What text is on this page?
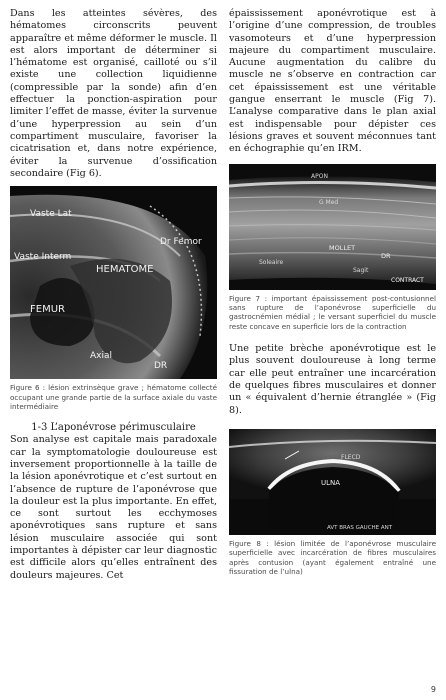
Dans les atteintes sévères, des hématomes circonscrits peuvent apparaître et même déformer le muscle. Il est alors important de déterminer si l’hématome est organisé, cailloté ou s’il existe une collection liquidienne (compressible par la sonde) afin d’en effectuer la ponction-aspiration pour limiter l’effet de masse, éviter la survenue d’une hyperpression au sein d’un compartiment musculaire, favoriser la cicatrisation et, dans notre expérience, éviter la survenue d’ossification secondaire (Fig 6).

Vaste Lat
Vaste Interm
HEMATOME
Dr Femor
FEMUR
Axial
DR

Figure 6 : lésion extrinsèque grave ; hématome collecté occupant une grande partie de la surface axiale du vaste intermédiaire

1-3 L’aponévrose périmusculaire

Son analyse est capitale mais paradoxale car la symptomatologie douloureuse est inversement proportionnelle à la taille de la lésion aponévrotique et c’est surtout en l’absence de rupture de l’aponévrose que la douleur est la plus importante. En effet, ce sont surtout les ecchymoses aponévrotiques sans rupture et sans lésion musculaire associée qui sont importantes à dépister car leur diagnostic est difficile alors qu’elles entraînent des douleurs majeures. Cet

épaississement aponévrotique est à l’origine d’une compression, de troubles vasomoteurs et d’une hyperpression majeure du compartiment musculaire. Aucune augmentation du calibre du muscle ne s’observe en contraction car cet épaississement est une véritable gangue enserrant le muscle (Fig 7). L’analyse comparative dans le plan axial est indispensable pour dépister ces lésions graves et souvent méconnues tant en échographie qu’en IRM.

APON
G Med
MOLLET
DR
Soleaire
Sagit
CONTRACT

Figure 7 : important épaississement post-contusionnel sans rupture de l’aponévrose superficielle du gastrocnémien médial ; le versant superficiel du muscle reste concave en superficie lors de la contraction

Une petite brèche aponévrotique est le plus souvent douloureuse à long terme car elle peut entraîner une incarcération de quelques fibres musculaires et donner un « équivalent d’hernie étranglée » (Fig 8).

FLECD
ULNA
AVT BRAS GAUCHE ANT

Figure 8 : lésion limitée de l’aponévrose musculaire superficielle avec incarcération de fibres musculaires après contusion (ayant également entraîné une fissuration de l’ulna)

9
